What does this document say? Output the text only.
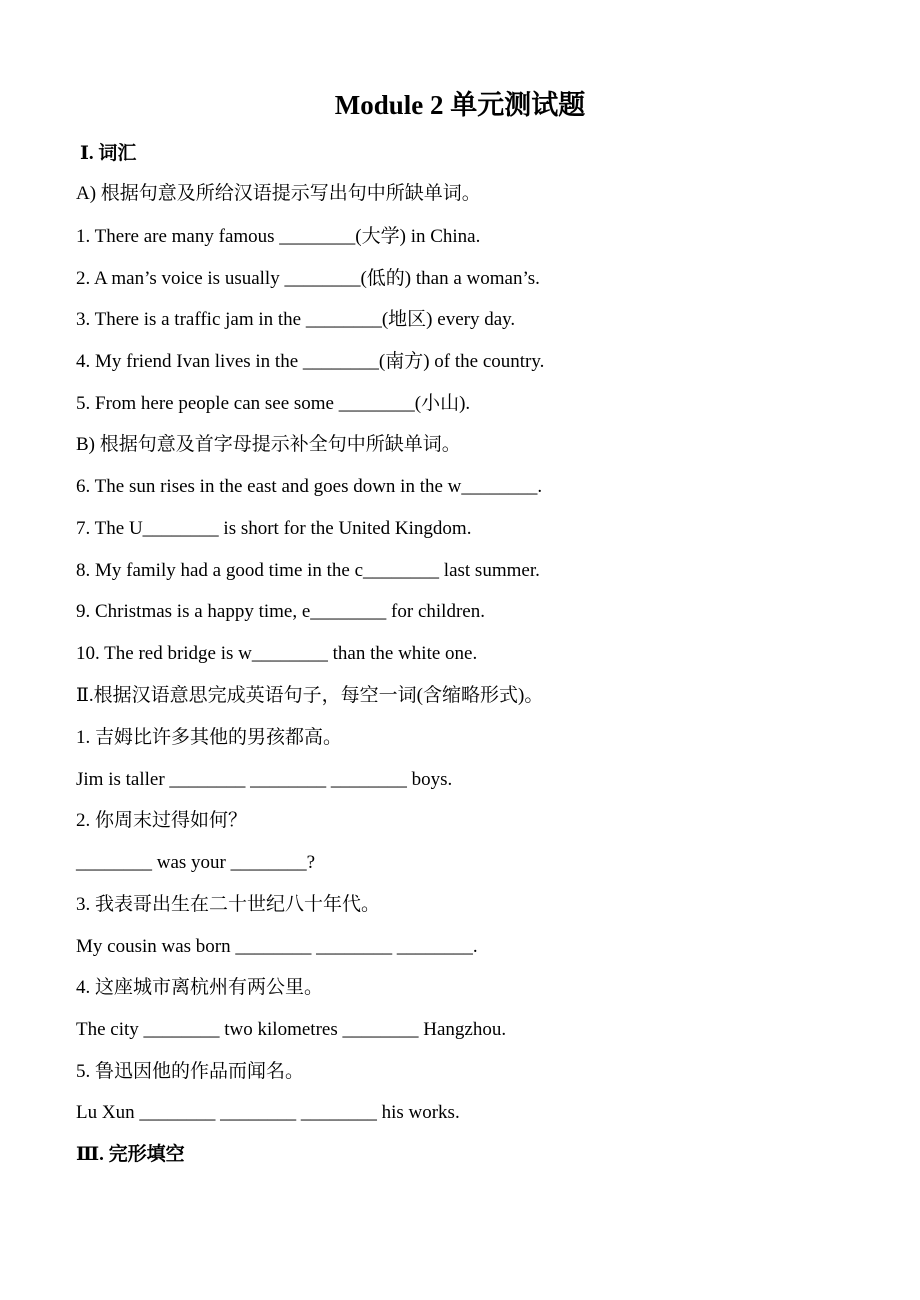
Module 2 单元测试题
Ⅰ. 词汇
A) 根据句意及所给汉语提示写出句中所缺单词。
1. There are many famous ________(大学) in China.
2. A man’s voice is usually ________(低的) than a woman’s.
3. There is a traffic jam in the ________(地区) every day.
4. My friend Ivan lives in the ________(南方) of the country.
5. From here people can see some ________(小山).
B) 根据句意及首字母提示补全句中所缺单词。
6. The sun rises in the east and goes down in the w________.
7. The U________ is short for the United Kingdom.
8. My family had a good time in the c________ last summer.
9. Christmas is a happy time, e________ for children.
10. The red bridge is w________ than the white one.
Ⅱ.根据汉语意思完成英语句子，每空一词(含缩略形式)。
1. 吉姆比许多其他的男孩都高。
Jim is taller ________ ________ ________ boys.
2. 你周末过得如何？
________ was your ________?
3. 我表哥出生在二十世纪八十年代。
My cousin was born ________ ________ ________.
4. 这座城市离杭州有两公里。
The city ________ two kilometres ________ Hangzhou.
5. 鲁迅因他的作品而闻名。
Lu Xun ________ ________ ________ his works.
Ⅲ. 完形填空
